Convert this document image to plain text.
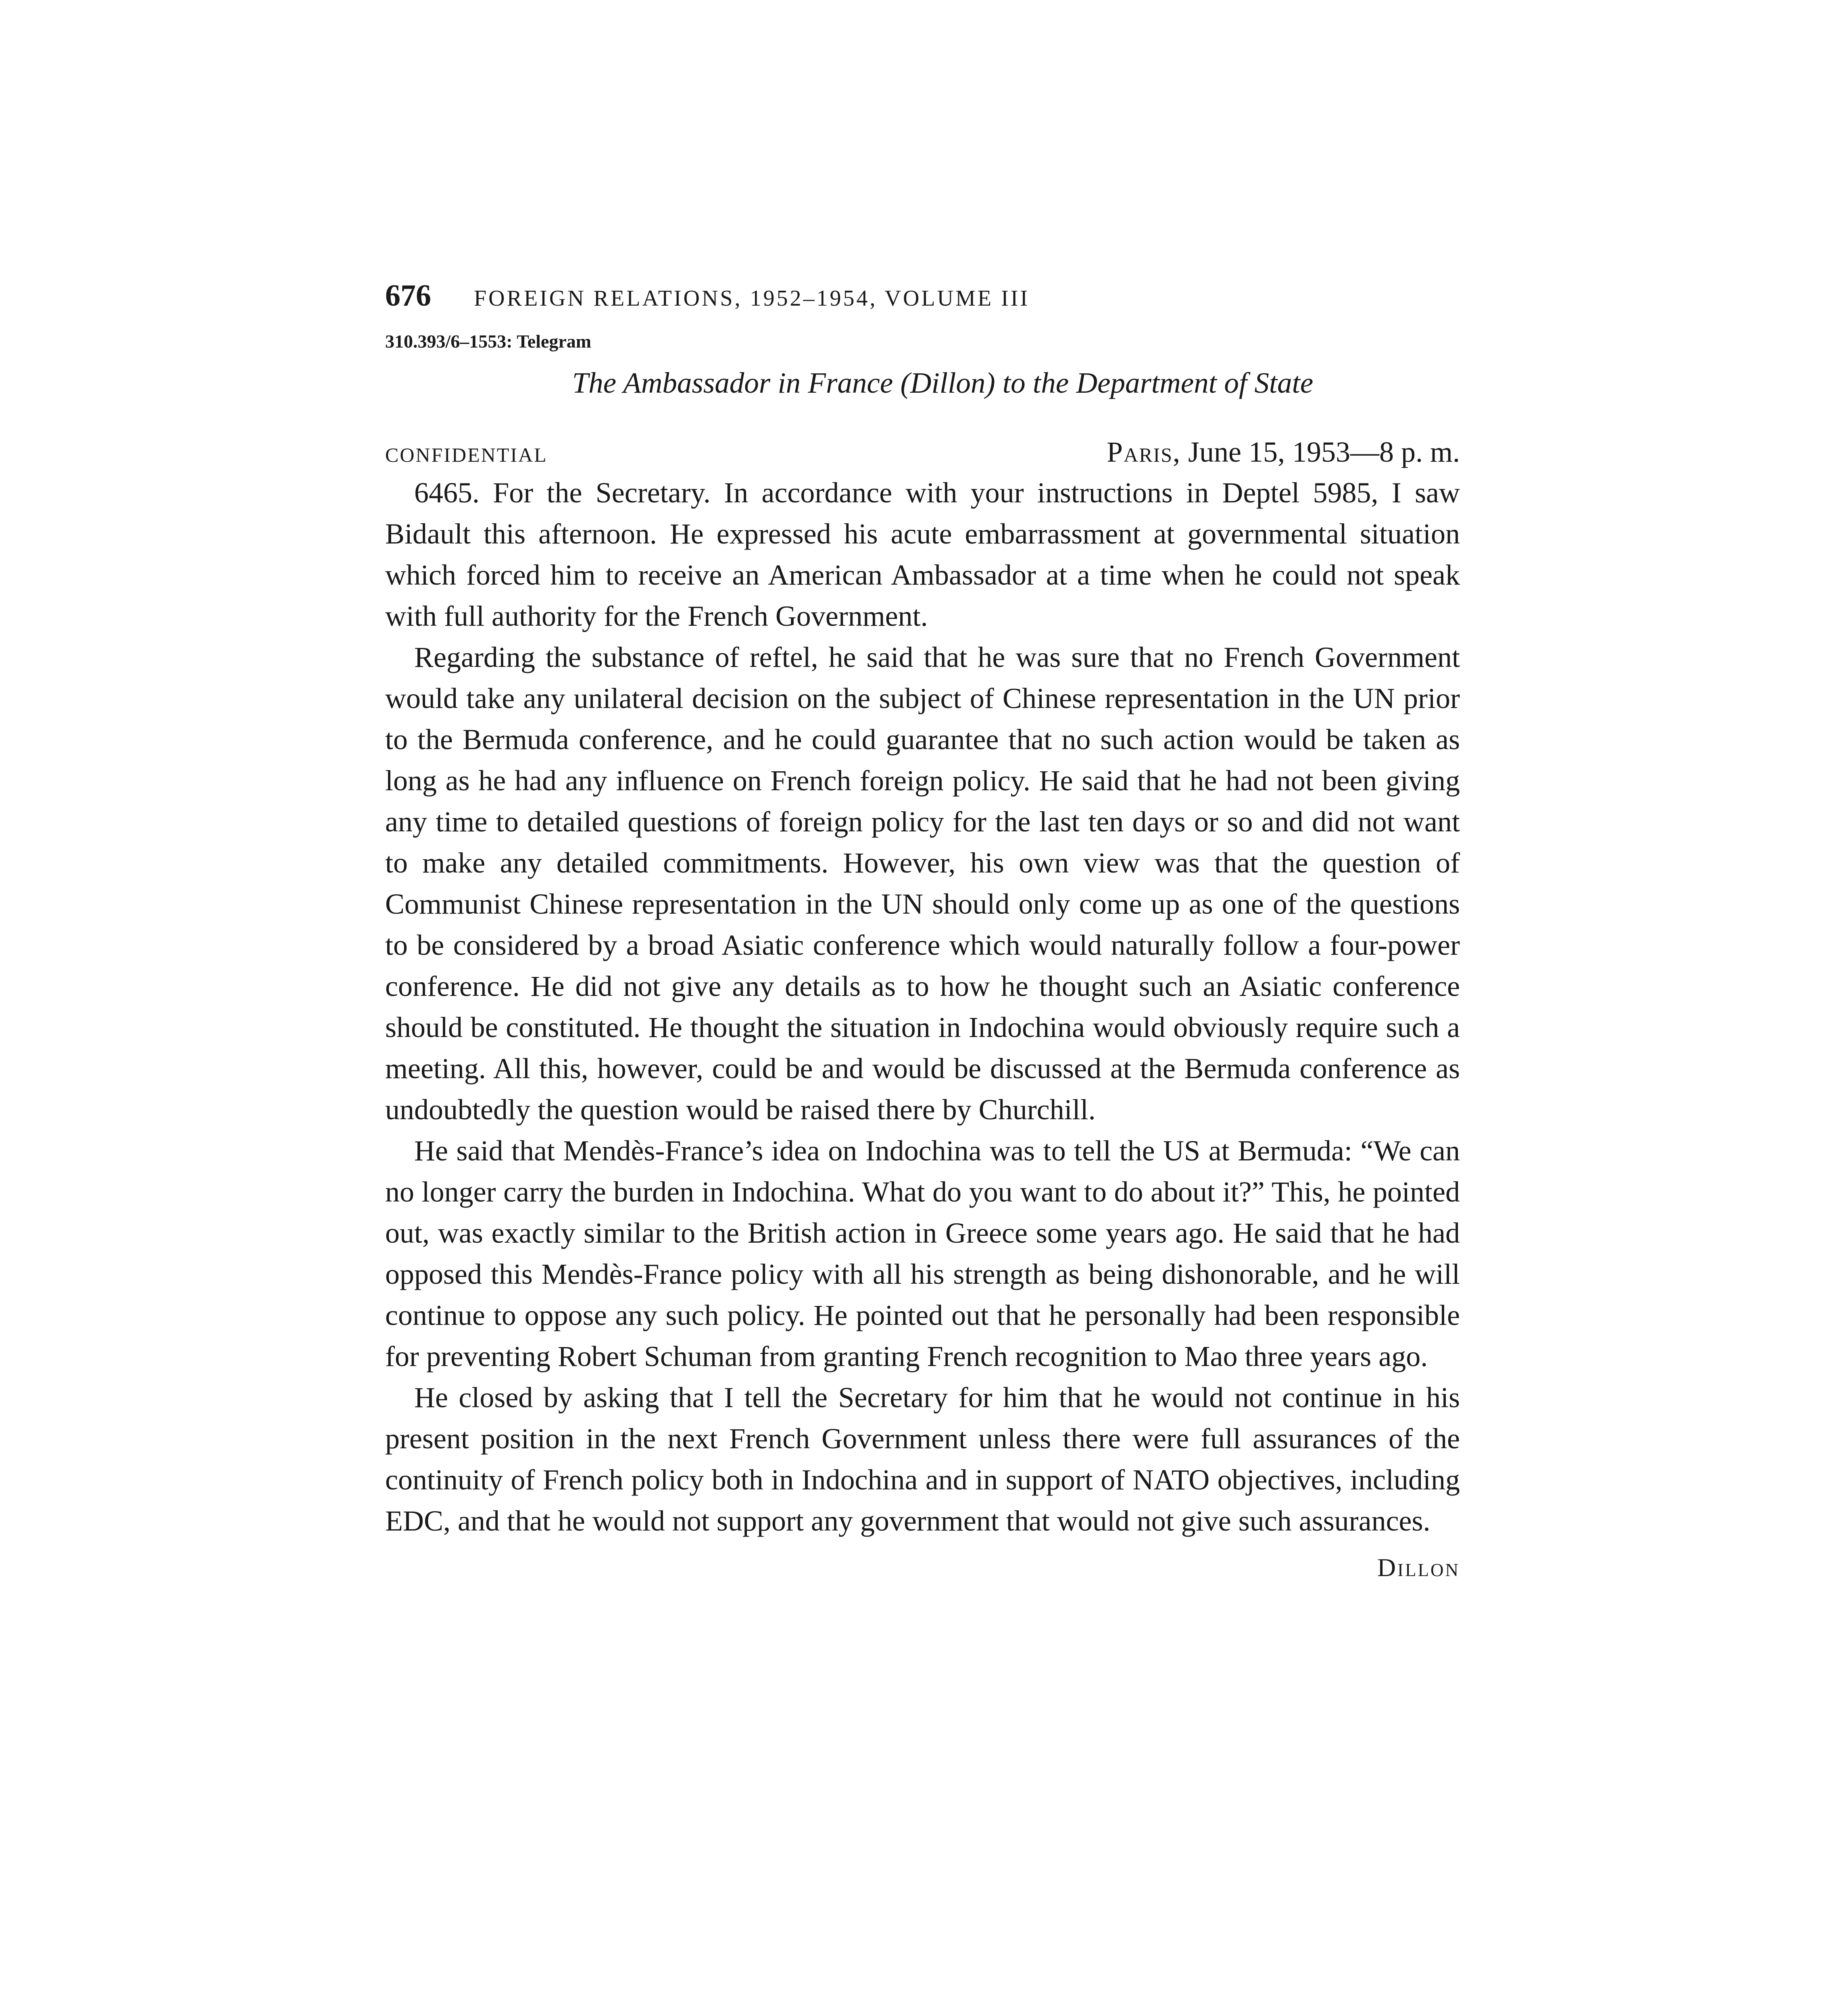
676	FOREIGN RELATIONS, 1952–1954, VOLUME III
310.393/6–1553: Telegram
The Ambassador in France (Dillon) to the Department of State
CONFIDENTIAL	Paris, June 15, 1953—8 p. m.

6465. For the Secretary. In accordance with your instructions in Deptel 5985, I saw Bidault this afternoon. He expressed his acute embarrassment at governmental situation which forced him to receive an American Ambassador at a time when he could not speak with full authority for the French Government.

Regarding the substance of reftel, he said that he was sure that no French Government would take any unilateral decision on the subject of Chinese representation in the UN prior to the Bermuda conference, and he could guarantee that no such action would be taken as long as he had any influence on French foreign policy. He said that he had not been giving any time to detailed questions of foreign policy for the last ten days or so and did not want to make any detailed commitments. However, his own view was that the question of Communist Chinese representation in the UN should only come up as one of the questions to be considered by a broad Asiatic conference which would naturally follow a four-power conference. He did not give any details as to how he thought such an Asiatic conference should be constituted. He thought the situation in Indochina would obviously require such a meeting. All this, however, could be and would be discussed at the Bermuda conference as undoubtedly the question would be raised there by Churchill.

He said that Mendès-France’s idea on Indochina was to tell the US at Bermuda: “We can no longer carry the burden in Indochina. What do you want to do about it?” This, he pointed out, was exactly similar to the British action in Greece some years ago. He said that he had opposed this Mendès-France policy with all his strength as being dishonorable, and he will continue to oppose any such policy. He pointed out that he personally had been responsible for preventing Robert Schuman from granting French recognition to Mao three years ago.

He closed by asking that I tell the Secretary for him that he would not continue in his present position in the next French Government unless there were full assurances of the continuity of French policy both in Indochina and in support of NATO objectives, including EDC, and that he would not support any government that would not give such assurances.

Dillon
